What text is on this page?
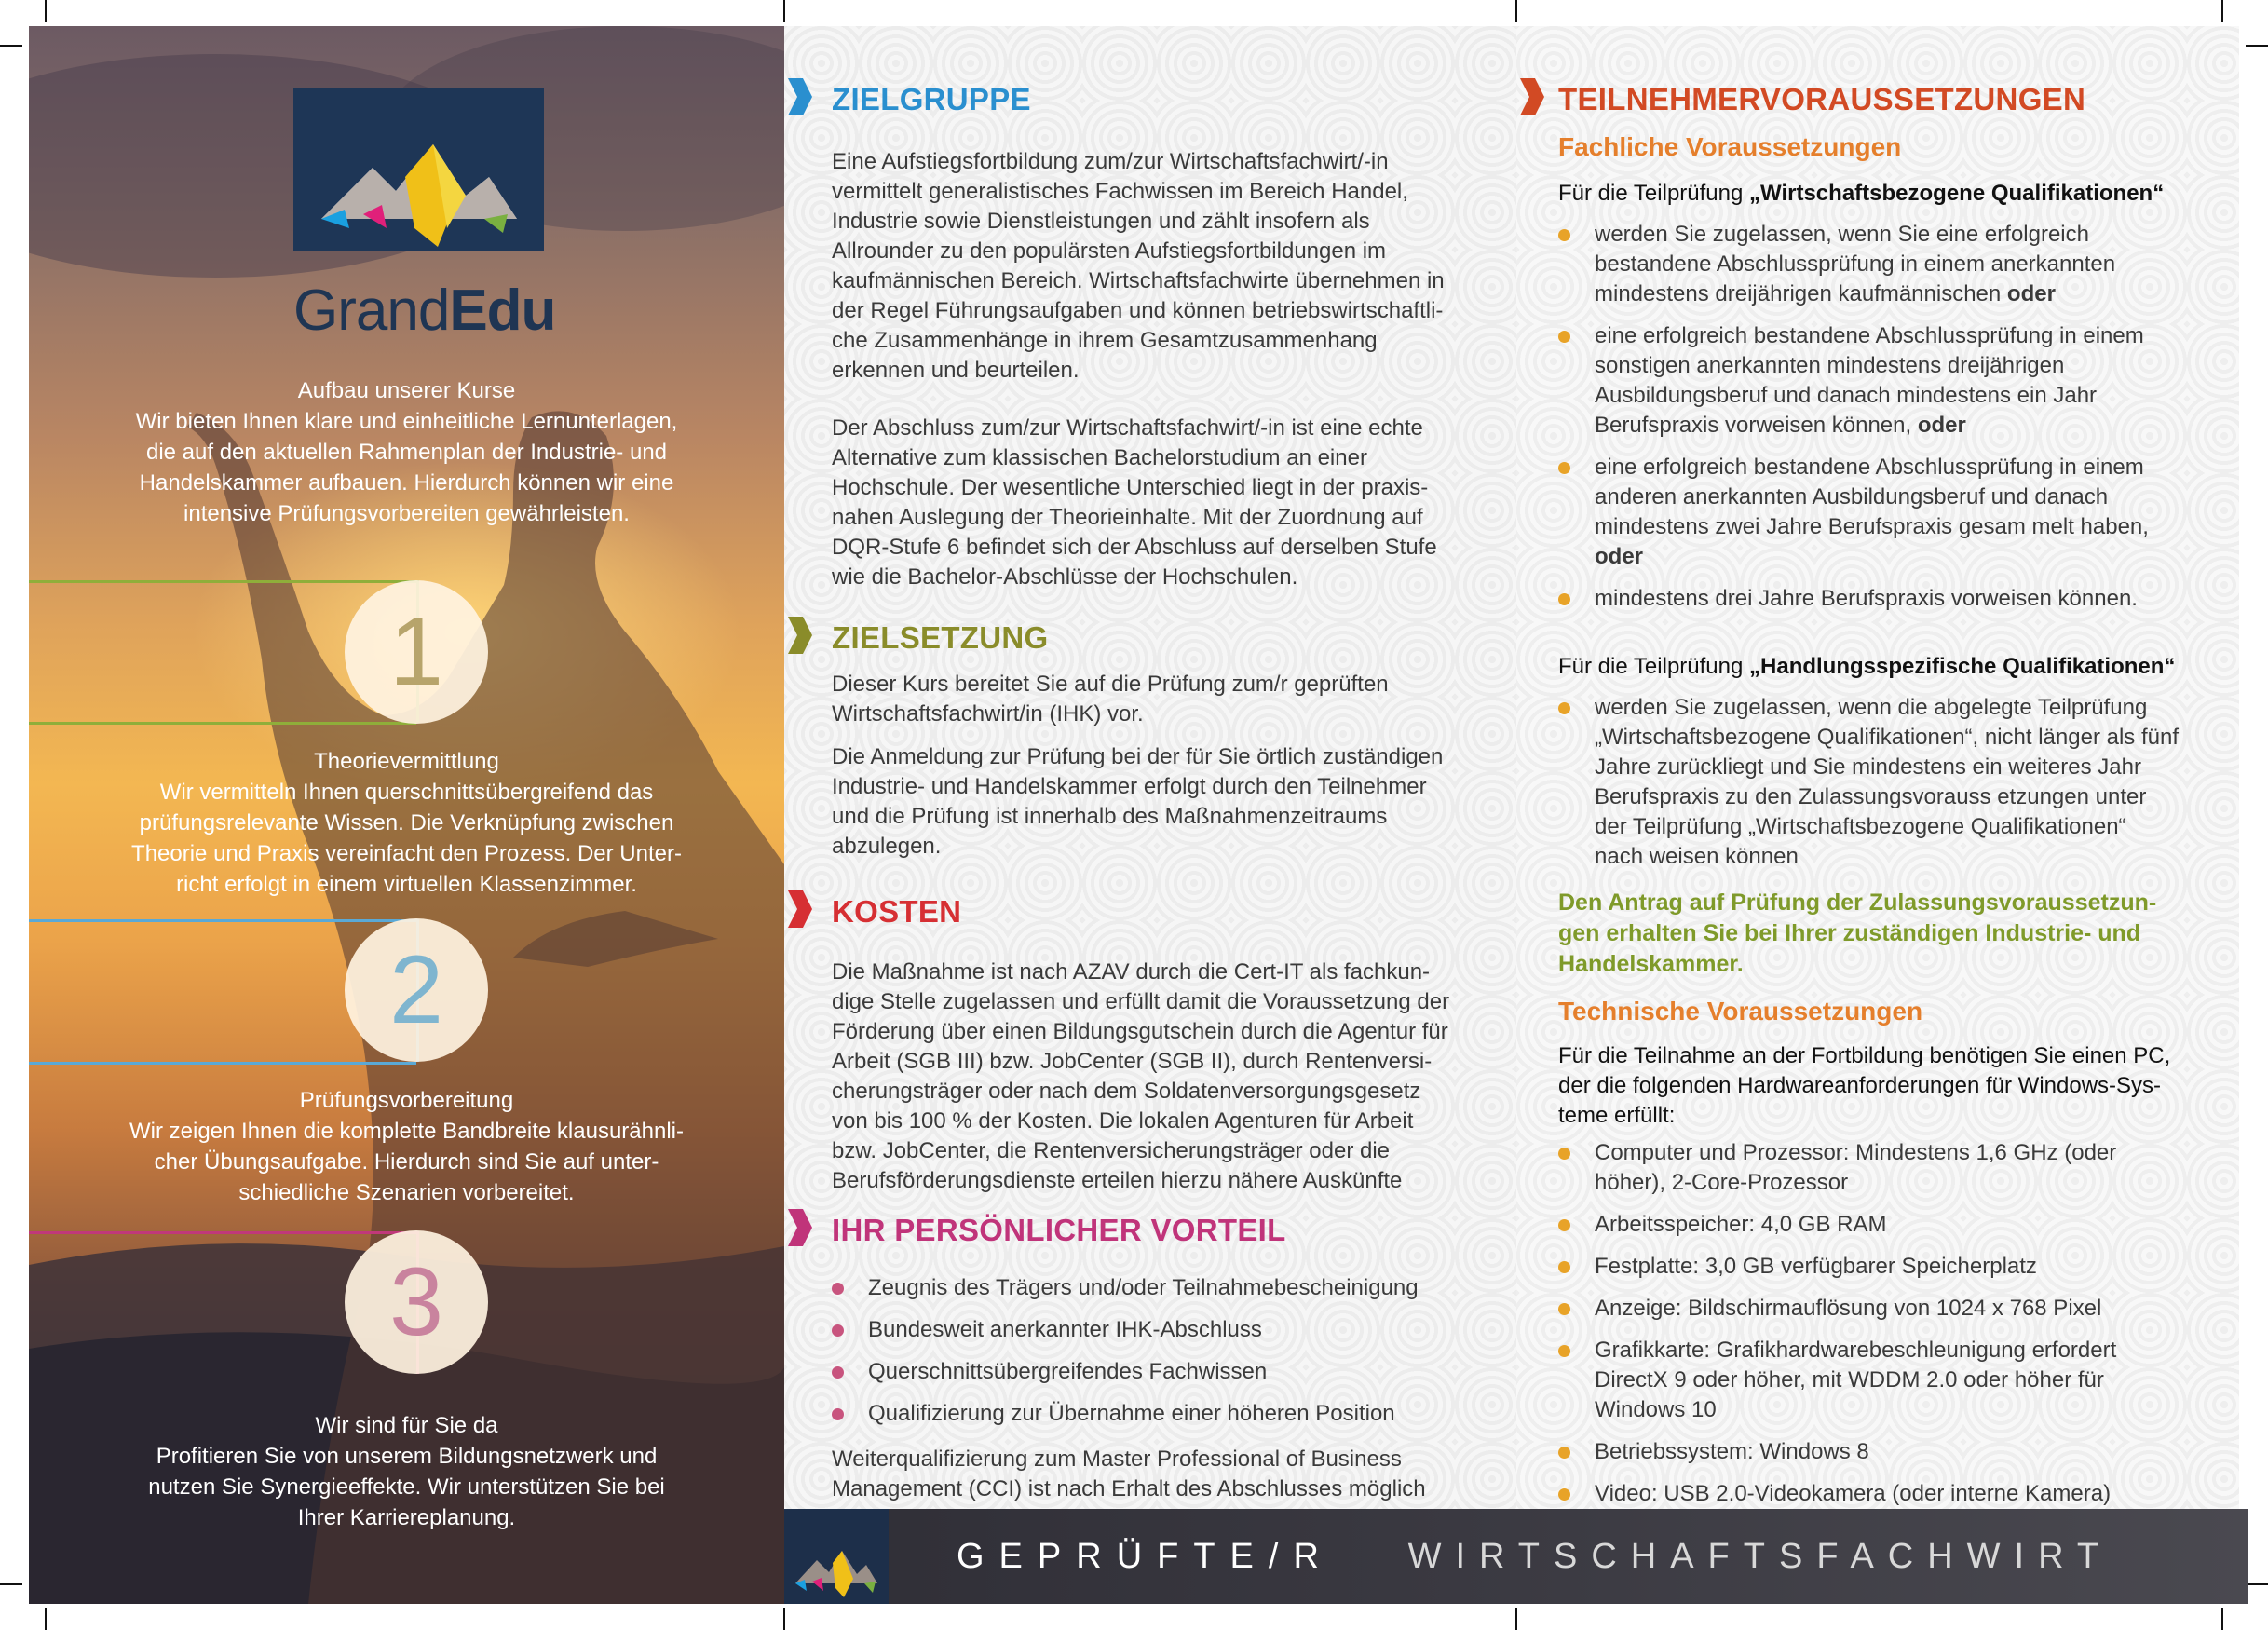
GrandEdu
Aufbau unserer Kurse
Wir bieten Ihnen klare und einheitliche Lernunterlagen,
die auf den aktuellen Rahmenplan der Industrie- und
Handelskammer aufbauen. Hierdurch können wir eine
intensive Prüfungsvorbereiten gewährleisten.
1
Theorievermittlung
Wir vermitteln Ihnen querschnittsübergreifend das
prüfungsrelevante Wissen. Die Verknüpfung zwischen
Theorie und Praxis vereinfacht den Prozess. Der Unter-
richt erfolgt in einem virtuellen Klassenzimmer.
2
Prüfungsvorbereitung
Wir zeigen Ihnen die komplette Bandbreite klausurähnli-
cher Übungsaufgabe. Hierdurch sind Sie auf unter-
schiedliche Szenarien vorbereitet.
3
Wir sind für Sie da
Profitieren Sie von unserem Bildungsnetzwerk und
nutzen Sie Synergieeffekte. Wir unterstützen Sie bei
Ihrer Karriereplanung.
ZIELGRUPPE
Eine Aufstiegsfortbildung zum/zur Wirtschaftsfachwirt/-in
vermittelt generalistisches Fachwissen im Bereich Handel,
Industrie sowie Dienstleistungen und zählt insofern als
Allrounder zu den populärsten Aufstiegsfortbildungen im
kaufmännischen Bereich. Wirtschaftsfachwirte übernehmen in
der Regel Führungsaufgaben und können betriebswirtschaftli-
che Zusammenhänge in ihrem Gesamtzusammenhang
erkennen und beurteilen.
Der Abschluss zum/zur Wirtschaftsfachwirt/-in ist eine echte
Alternative zum klassischen Bachelorstudium an einer
Hochschule. Der wesentliche Unterschied liegt in der praxis-
nahen Auslegung der Theorieinhalte. Mit der Zuordnung auf
DQR-Stufe 6 befindet sich der Abschluss auf derselben Stufe
wie die Bachelor-Abschlüsse der Hochschulen.
ZIELSETZUNG
Dieser Kurs bereitet Sie auf die Prüfung zum/r geprüften
Wirtschaftsfachwirt/in (IHK) vor.
Die Anmeldung zur Prüfung bei der für Sie örtlich zuständigen
Industrie- und Handelskammer erfolgt durch den Teilnehmer
und die Prüfung ist innerhalb des Maßnahmenzeitraums
abzulegen.
KOSTEN
Die Maßnahme ist nach AZAV durch die Cert-IT als fachkun-
dige Stelle zugelassen und erfüllt damit die Voraussetzung der
Förderung über einen Bildungsgutschein durch die Agentur für
Arbeit (SGB III) bzw. JobCenter (SGB II), durch Rentenversi-
cherungsträger oder nach dem Soldatenversorgungsgesetz
von bis 100 % der Kosten. Die lokalen Agenturen für Arbeit
bzw. JobCenter, die Rentenversicherungsträger oder die
Berufsförderungsdienste erteilen hierzu nähere Auskünfte
IHR PERSÖNLICHER VORTEIL
Zeugnis des Trägers und/oder Teilnahmebescheinigung
Bundesweit anerkannter IHK-Abschluss
Querschnittsübergreifendes Fachwissen
Qualifizierung zur Übernahme einer höheren Position
Weiterqualifizierung zum Master Professional of Business
Management (CCI) ist nach Erhalt des Abschlusses möglich
TEILNEHMERVORAUSSETZUNGEN
Fachliche Voraussetzungen
Für die Teilprüfung „Wirtschaftsbezogene Qualifikationen“
werden Sie zugelassen, wenn Sie eine erfolgreich
bestandene Abschlussprüfung in einem anerkannten
mindestens dreijährigen kaufmännischen oder
eine erfolgreich bestandene Abschlussprüfung in einem
sonstigen anerkannten mindestens dreijährigen
Ausbildungsberuf und danach mindestens ein Jahr
Berufspraxis vorweisen können, oder
eine erfolgreich bestandene Abschlussprüfung in einem
anderen anerkannten Ausbildungsberuf und danach
mindestens zwei Jahre Berufspraxis gesam melt haben,
oder
mindestens drei Jahre Berufspraxis vorweisen können.
Für die Teilprüfung „Handlungsspezifische Qualifikationen“
werden Sie zugelassen, wenn die abgelegte Teilprüfung
„Wirtschaftsbezogene Qualifikationen“, nicht länger als fünf
Jahre zurückliegt und Sie mindestens ein weiteres Jahr
Berufspraxis zu den Zulassungsvorauss etzungen unter
der Teilprüfung „Wirtschaftsbezogene Qualifikationen“
nach weisen können
Den Antrag auf Prüfung der Zulassungsvoraussetzun-
gen erhalten Sie bei Ihrer zuständigen Industrie- und
Handelskammer.
Technische Voraussetzungen
Für die Teilnahme an der Fortbildung benötigen Sie einen PC,
der die folgenden Hardwareanforderungen für Windows-Sys-
teme erfüllt:
Computer und Prozessor: Mindestens 1,6 GHz (oder
höher), 2-Core-Prozessor
Arbeitsspeicher: 4,0 GB RAM
Festplatte: 3,0 GB verfügbarer Speicherplatz
Anzeige: Bildschirmauflösung von 1024 x 768 Pixel
Grafikkarte: Grafikhardwarebeschleunigung erfordert
DirectX 9 oder höher, mit WDDM 2.0 oder höher für
Windows 10
Betriebssystem: Windows 8
Video: USB 2.0-Videokamera (oder interne Kamera)
GEPRÜFTE/R WIRTSCHAFTSFACHWIRT
